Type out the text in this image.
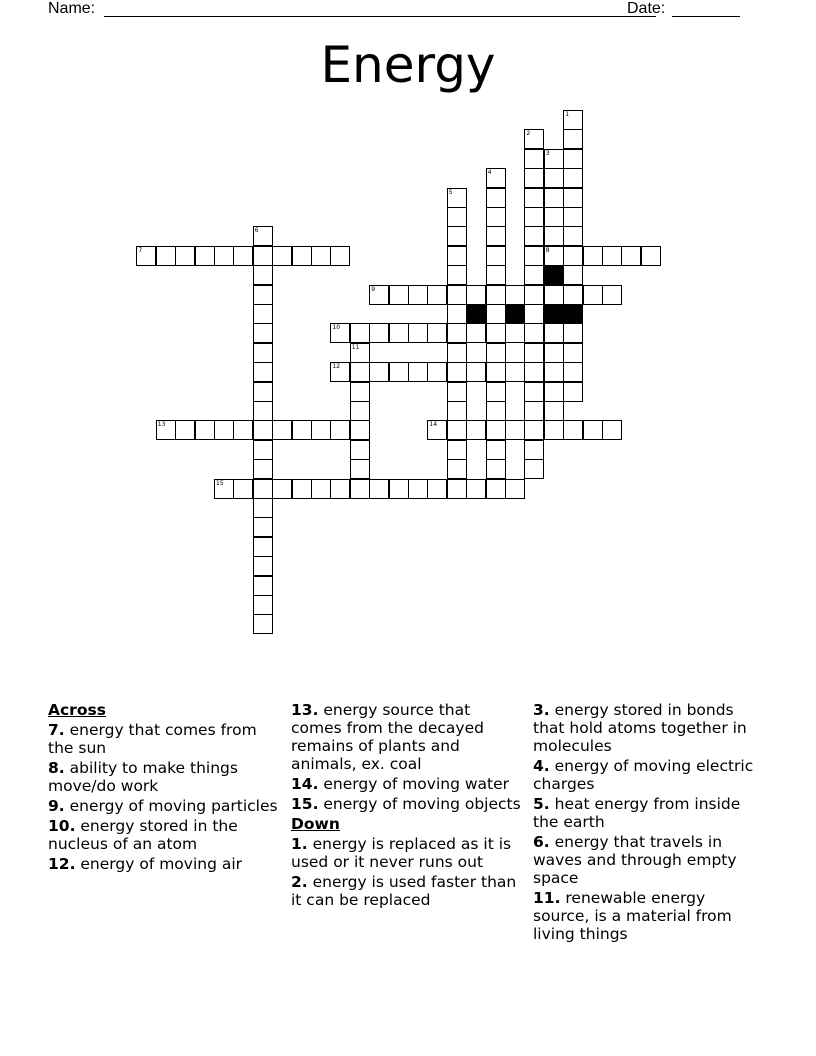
Name:	Date:
Energy
1
2
3
8
4
5
6
7
9
10
11
12
13	14
15
Across
7. energy that comes from the sun
8. ability to make things move/do work
9. energy of moving particles
10. energy stored in the nucleus of an atom
12. energy of moving air
13. energy source that comes from the decayed remains of plants and animals, ex. coal
14. energy of moving water
15. energy of moving objects
Down
1. energy is replaced as it is used or it never runs out
2. energy is used faster than it can be replaced
3. energy stored in bonds that hold atoms together in molecules
4. energy of moving electric charges
5. heat energy from inside the earth
6. energy that travels in waves and through empty space
11. renewable energy source, is a material from living things
